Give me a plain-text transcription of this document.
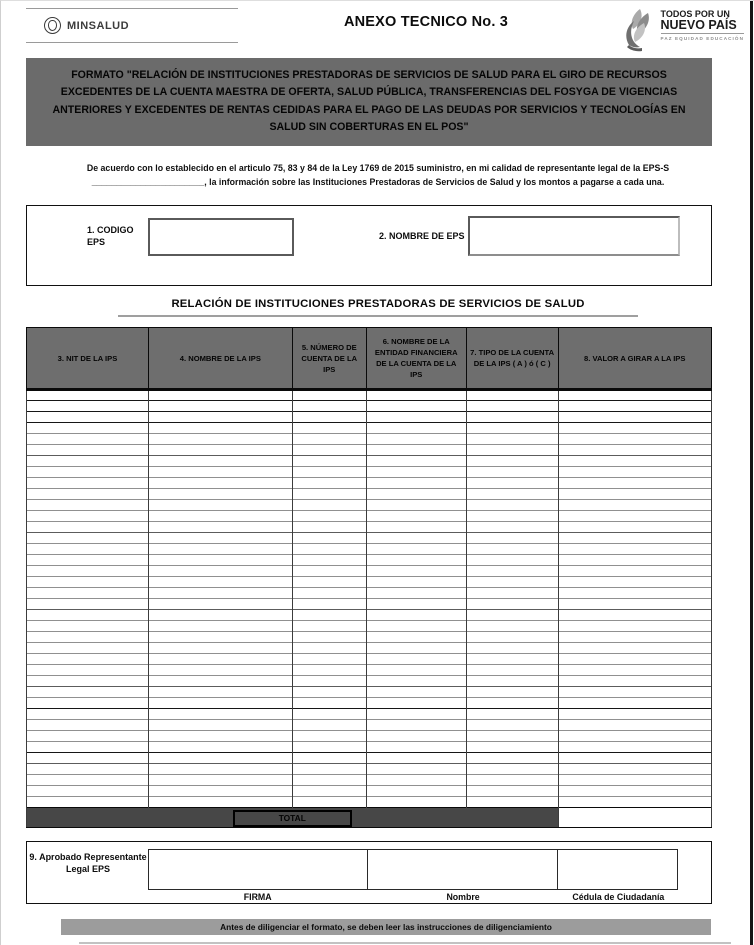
MINSALUD	ANEXO TECNICO No. 3	TODOS POR UN
NUEVO PAÍS
PAZ EQUIDAD EDUCACIÓN
FORMATO "RELACIÓN DE INSTITUCIONES PRESTADORAS DE SERVICIOS DE SALUD PARA EL GIRO DE RECURSOS EXCEDENTES DE LA CUENTA MAESTRA DE OFERTA, SALUD PÚBLICA, TRANSFERENCIAS DEL FOSYGA DE VIGENCIAS ANTERIORES Y EXCEDENTES DE RENTAS CEDIDAS PARA EL PAGO DE LAS DEUDAS POR SERVICIOS Y TECNOLOGÍAS EN SALUD SIN COBERTURAS EN EL POS"
De acuerdo con lo establecido en el articulo 75, 83 y 84 de la Ley 1769 de 2015 suministro, en mi calidad de representante legal de la EPS-S
_______________________, la información sobre las Instituciones Prestadoras de Servicios de Salud y los montos a pagarse a cada una.
1. CODIGO
EPS
2. NOMBRE DE EPS
RELACIÓN DE INSTITUCIONES PRESTADORAS DE SERVICIOS DE SALUD
3. NIT DE LA IPS	4. NOMBRE DE LA IPS	5. NÚMERO DE CUENTA DE LA IPS	6. NOMBRE DE LA ENTIDAD FINANCIERA DE LA CUENTA DE LA IPS	7. TIPO DE LA CUENTA DE LA IPS ( A ) ó ( C )	8. VALOR A GIRAR A LA IPS

TOTAL					
9. Aprobado Representante
Legal EPS
FIRMA	Nombre	Cédula de Ciudadanía
Antes de diligenciar el formato, se deben leer las instrucciones de diligenciamiento
